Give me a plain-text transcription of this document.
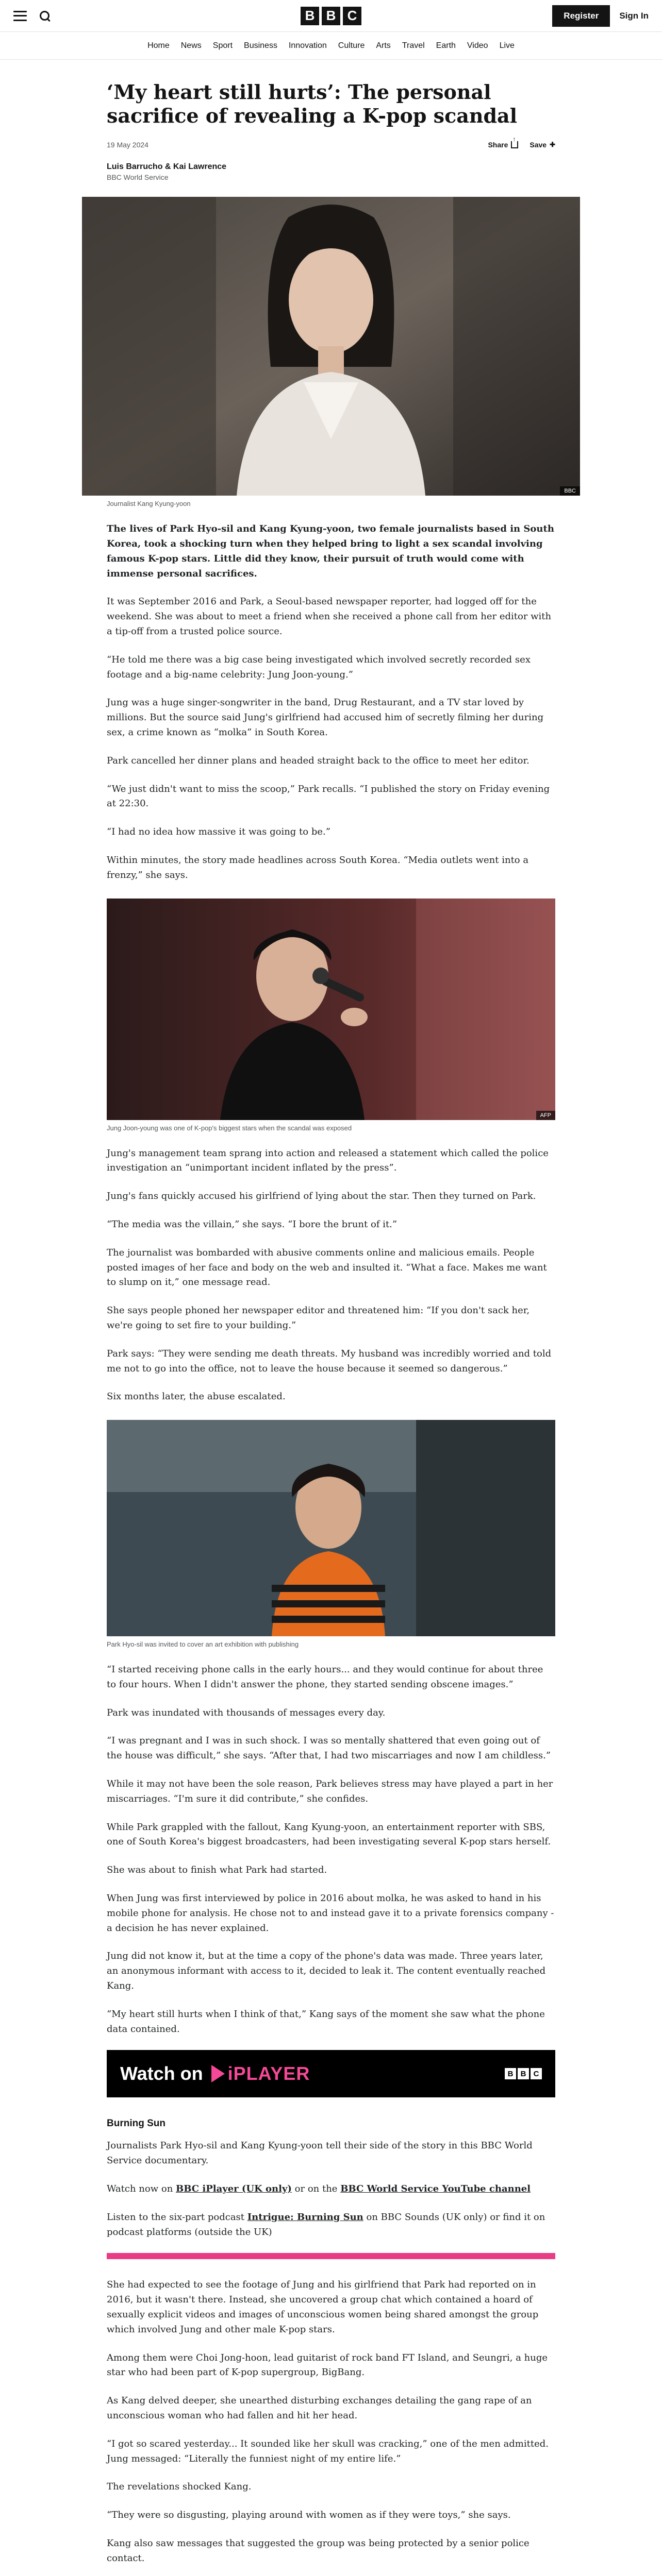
B B C	Register	Sign In
Home News Sport Business Innovation Culture Arts Travel Earth Video Live
‘My heart still hurts’: The personal sacrifice of revealing a K-pop scandal
19 May 2024	Share
↑	Save ✚
Luis Barrucho & Kai Lawrence
BBC World Service
BBC
Journalist Kang Kyung-yoon

The lives of Park Hyo-sil and Kang Kyung-yoon, two female journalists based in South Korea, took a shocking turn when they helped bring to light a sex scandal involving famous K-pop stars. Little did they know, their pursuit of truth would come with immense personal sacrifices.

It was September 2016 and Park, a Seoul-based newspaper reporter, had logged off for the weekend. She was about to meet a friend when she received a phone call from her editor with a tip-off from a trusted police source.

“He told me there was a big case being investigated which involved secretly recorded sex footage and a big-name celebrity: Jung Joon-young.”

Jung was a huge singer-songwriter in the band, Drug Restaurant, and a TV star loved by millions. But the source said Jung's girlfriend had accused him of secretly filming her during sex, a crime known as “molka” in South Korea.

Park cancelled her dinner plans and headed straight back to the office to meet her editor.

“We just didn't want to miss the scoop,” Park recalls. “I published the story on Friday evening at 22:30.

“I had no idea how massive it was going to be.”

Within minutes, the story made headlines across South Korea. “Media outlets went into a frenzy,” she says.

AFP
Jung Joon-young was one of K-pop's biggest stars when the scandal was exposed

Jung's management team sprang into action and released a statement which called the police investigation an “unimportant incident inflated by the press”.

Jung's fans quickly accused his girlfriend of lying about the star. Then they turned on Park.

“The media was the villain,” she says. “I bore the brunt of it.”

The journalist was bombarded with abusive comments online and malicious emails. People posted images of her face and body on the web and insulted it. “What a face. Makes me want to slump on it,” one message read.

She says people phoned her newspaper editor and threatened him: “If you don't sack her, we're going to set fire to your building.”

Park says: “They were sending me death threats. My husband was incredibly worried and told me not to go into the office, not to leave the house because it seemed so dangerous.”

Six months later, the abuse escalated.

Park Hyo-sil was invited to cover an art exhibition with publishing

“I started receiving phone calls in the early hours... and they would continue for about three to four hours. When I didn't answer the phone, they started sending obscene images.”

Park was inundated with thousands of messages every day.

“I was pregnant and I was in such shock. I was so mentally shattered that even going out of the house was difficult,” she says. “After that, I had two miscarriages and now I am childless.”

While it may not have been the sole reason, Park believes stress may have played a part in her miscarriages. “I'm sure it did contribute,” she confides.

While Park grappled with the fallout, Kang Kyung-yoon, an entertainment reporter with SBS, one of South Korea's biggest broadcasters, had been investigating several K-pop stars herself.

She was about to finish what Park had started.

When Jung was first interviewed by police in 2016 about molka, he was asked to hand in his mobile phone for analysis. He chose not to and instead gave it to a private forensics company - a decision he has never explained.

Jung did not know it, but at the time a copy of the phone's data was made. Three years later, an anonymous informant with access to it, decided to leak it. The content eventually reached Kang.

“My heart still hurts when I think of that,” Kang says of the moment she saw what the phone data contained.

Watch on iPLAYER	B B C
Burning Sun

Journalists Park Hyo-sil and Kang Kyung-yoon tell their side of the story in this BBC World Service documentary.

Watch now on BBC iPlayer (UK only) or on the BBC World Service YouTube channel

Listen to the six-part podcast Intrigue: Burning Sun on BBC Sounds (UK only) or find it on podcast platforms (outside the UK)

She had expected to see the footage of Jung and his girlfriend that Park had reported on in 2016, but it wasn't there. Instead, she uncovered a group chat which contained a hoard of sexually explicit videos and images of unconscious women being shared amongst the group which involved Jung and other male K-pop stars.

Among them were Choi Jong-hoon, lead guitarist of rock band FT Island, and Seungri, a huge star who had been part of K-pop supergroup, BigBang.

As Kang delved deeper, she unearthed disturbing exchanges detailing the gang rape of an unconscious woman who had fallen and hit her head.

“I got so scared yesterday... It sounded like her skull was cracking,” one of the men admitted. Jung messaged: “Literally the funniest night of my entire life.”

The revelations shocked Kang.

“They were so disgusting, playing around with women as if they were toys,” she says.

Kang also saw messages that suggested the group was being protected by a senior police contact.
